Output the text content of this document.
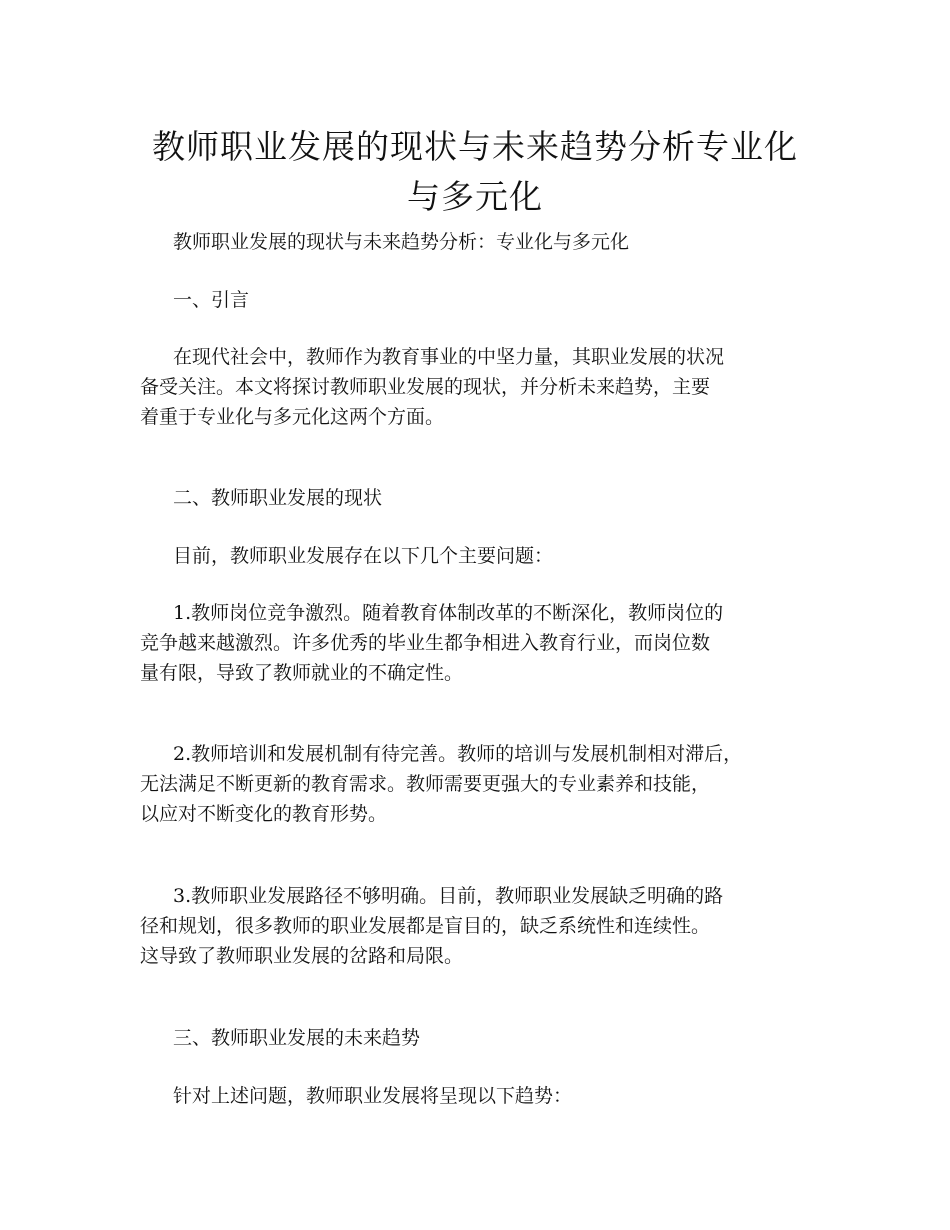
教师职业发展的现状与未来趋势分析专业化
与多元化

教师职业发展的现状与未来趋势分析：专业化与多元化

一、引言

在现代社会中，教师作为教育事业的中坚力量，其职业发展的状况
备受关注。本文将探讨教师职业发展的现状，并分析未来趋势，主要
着重于专业化与多元化这两个方面。

二、教师职业发展的现状

目前，教师职业发展存在以下几个主要问题：

1.教师岗位竞争激烈。随着教育体制改革的不断深化，教师岗位的
竞争越来越激烈。许多优秀的毕业生都争相进入教育行业，而岗位数
量有限，导致了教师就业的不确定性。

2.教师培训和发展机制有待完善。教师的培训与发展机制相对滞后，
无法满足不断更新的教育需求。教师需要更强大的专业素养和技能，
以应对不断变化的教育形势。

3.教师职业发展路径不够明确。目前，教师职业发展缺乏明确的路
径和规划，很多教师的职业发展都是盲目的，缺乏系统性和连续性。
这导致了教师职业发展的岔路和局限。

三、教师职业发展的未来趋势

针对上述问题，教师职业发展将呈现以下趋势：
